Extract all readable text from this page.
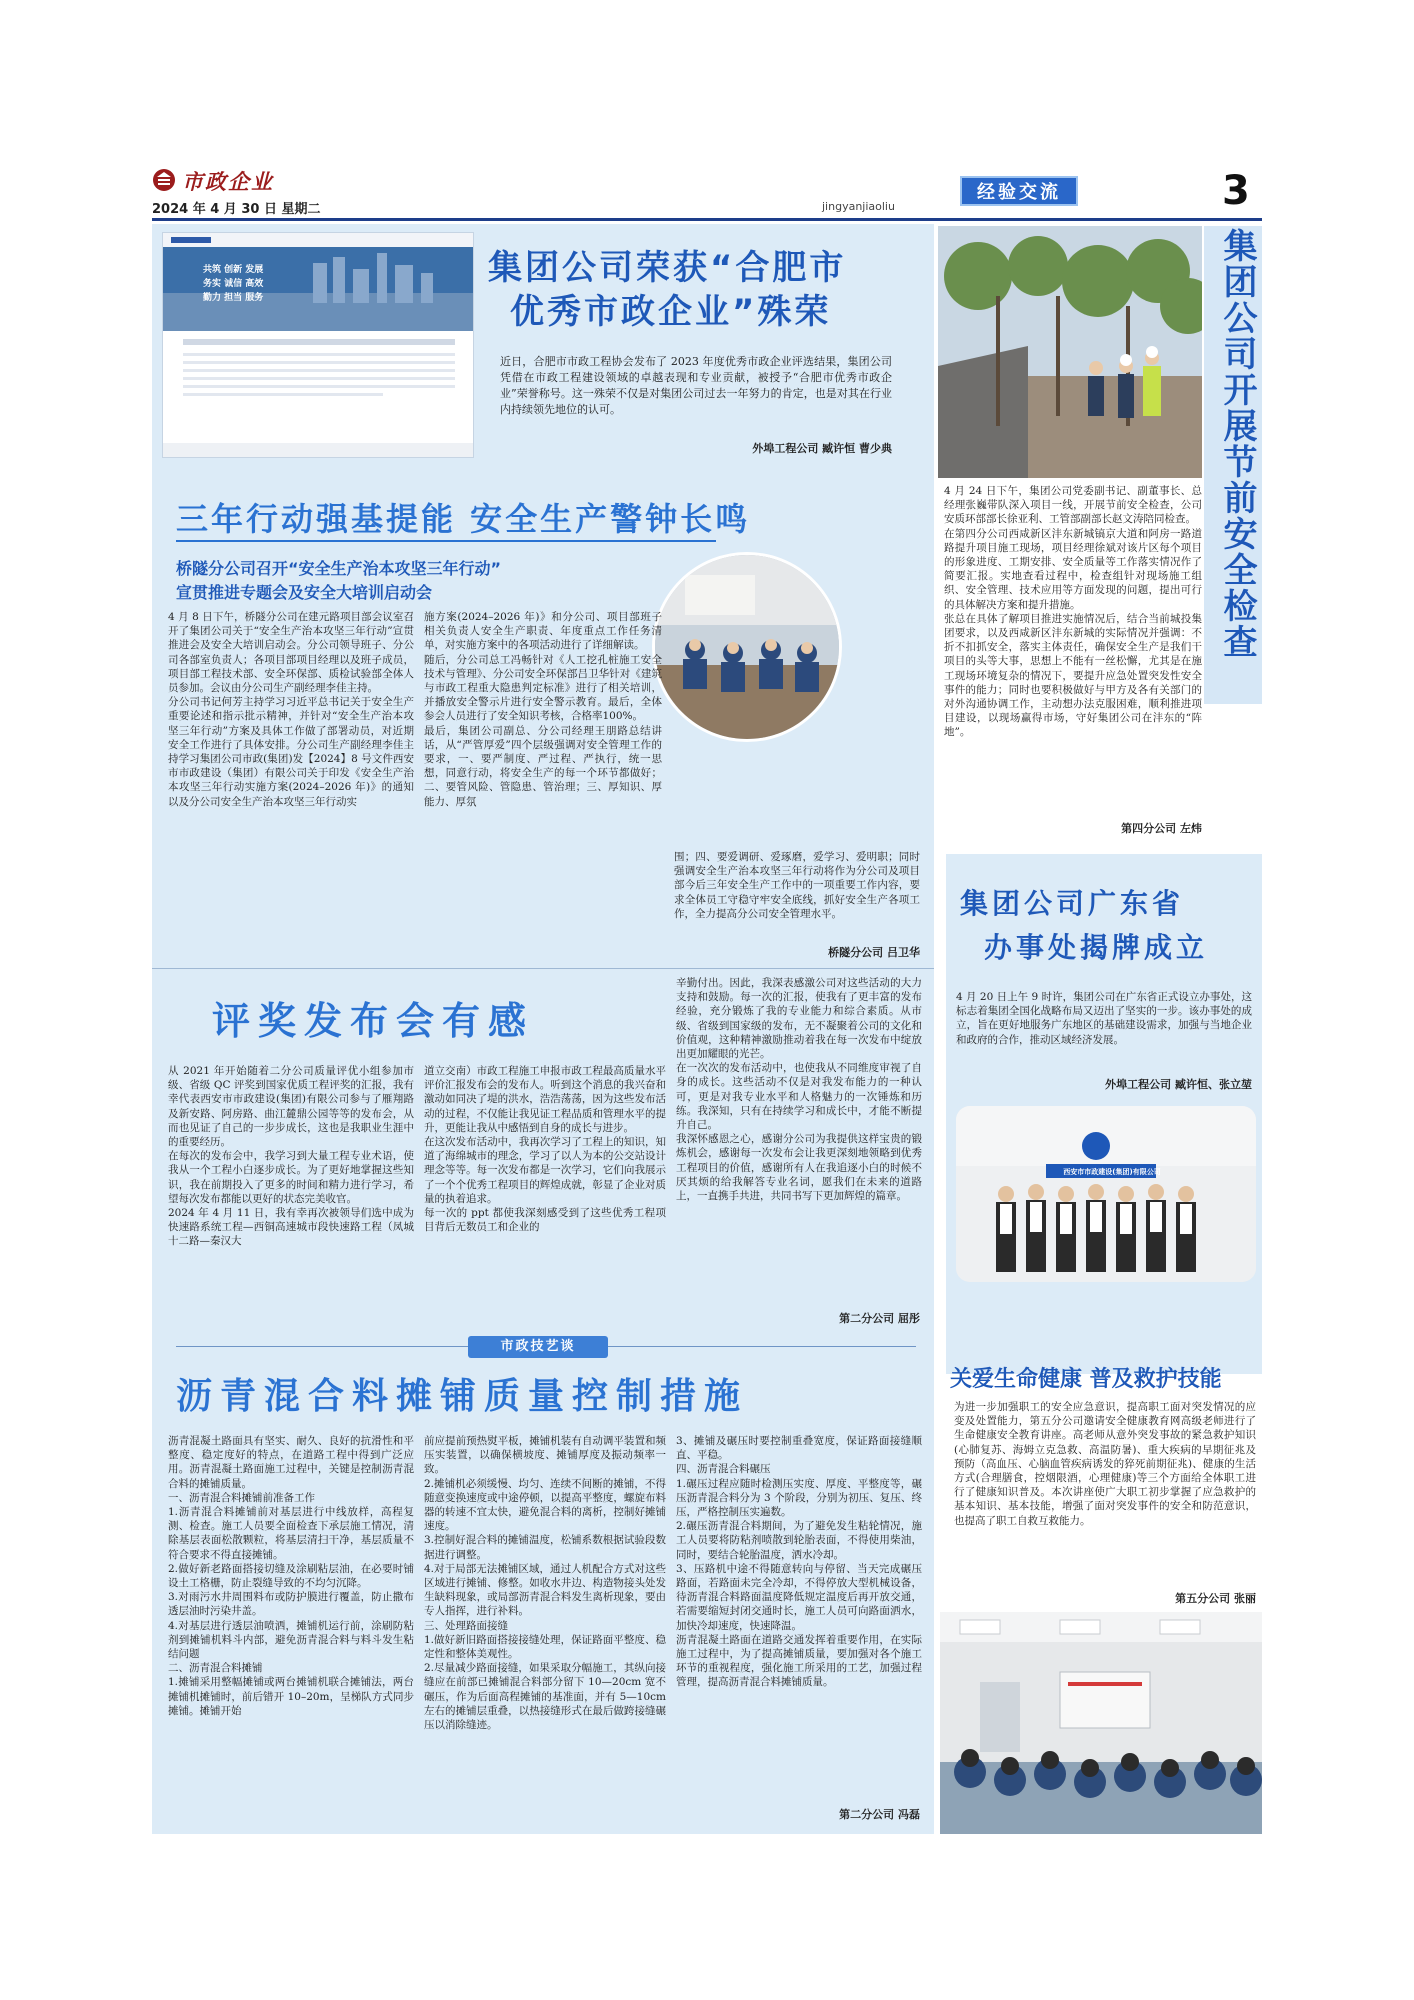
市政企业
2024 年 4 月 30 日 星期二	jingyanjiaoliu
经验交流	3
共筑 创新 发展
务实 诚信 高效
勤力 担当 服务
集团公司荣获“合肥市
优秀市政企业”殊荣
近日，合肥市市政工程协会发布了 2023 年度优秀市政企业评选结果，集团公司凭借在市政工程建设领域的卓越表现和专业贡献，被授予“合肥市优秀市政企业”荣誉称号。这一殊荣不仅是对集团公司过去一年努力的肯定，也是对其在行业内持续领先地位的认可。
外埠工程公司 臧许恒 曹少典
三年行动强基提能 安全生产警钟长鸣
桥隧分公司召开“安全生产治本攻坚三年行动”
宣贯推进专题会及安全大培训启动会
4 月 8 日下午，桥隧分公司在建元路项目部会议室召开了集团公司关于“安全生产治本攻坚三年行动”宣贯推进会及安全大培训启动会。分公司领导班子、分公司各部室负责人；各项目部项目经理以及班子成员，项目部工程技术部、安全环保部、质检试验部全体人员参加。会议由分公司生产副经理李佳主持。
分公司书记何芳主持学习习近平总书记关于安全生产重要论述和指示批示精神，并针对“安全生产治本攻坚三年行动”方案及具体工作做了部署动员，对近期安全工作进行了具体安排。分公司生产副经理李佳主持学习集团公司市政(集团)发【2024】8 号文件西安市市政建设（集团）有限公司关于印发《安全生产治本攻坚三年行动实施方案(2024–2026 年)》的通知以及分公司安全生产治本攻坚三年行动实
施方案(2024–2026 年)》和分公司、项目部班子相关负责人安全生产职责、年度重点工作任务清单，对实施方案中的各项活动进行了详细解读。
随后，分公司总工冯畅针对《人工挖孔桩施工安全技术与管理》、分公司安全环保部吕卫华针对《建筑与市政工程重大隐患判定标准》进行了相关培训，并播放安全警示片进行安全警示教育。最后，全体参会人员进行了安全知识考核，合格率100%。
最后，集团公司副总、分公司经理王朋路总结讲话，从“严管厚爱”四个层级强调对安全管理工作的要求，一、要严制度、严过程、严执行，统一思想，同意行动，将安全生产的每一个环节都做好；二、要管风险、管隐患、管治理；三、厚知识、厚能力、厚氛
围；四、要爱调研、爱琢磨，爱学习、爱明职；同时强调安全生产治本攻坚三年行动将作为分公司及项目部今后三年安全生产工作中的一项重要工作内容，要求全体员工守稳守牢安全底线，抓好安全生产各项工作，全力提高分公司安全管理水平。
桥隧分公司 吕卫华
评奖发布会有感
从 2021 年开始随着二分公司质量评优小组参加市级、省级 QC 评奖到国家优质工程评奖的汇报，我有幸代表西安市市政建设(集团)有限公司参与了雁翔路及新安路、阿房路、曲江麓鼎公园等等的发布会，从而也见证了自己的一步步成长，这也是我职业生涯中的重要经历。
在每次的发布会中，我学习到大量工程专业术语，使我从一个工程小白逐步成长。为了更好地掌握这些知识，我在前期投入了更多的时间和精力进行学习，希望每次发布都能以更好的状态完美收官。
2024 年 4 月 11 日，我有幸再次被领导们选中成为快速路系统工程—西铜高速城市段快速路工程（凤城十二路—秦汉大
道立交南）市政工程施工申报市政工程最高质量水平评价汇报发布会的发布人。听到这个消息的我兴奋和激动如同决了堤的洪水，浩浩荡荡，因为这些发布活动的过程，不仅能让我见证工程品质和管理水平的提升，更能让我从中感悟到自身的成长与进步。
在这次发布活动中，我再次学习了工程上的知识，知道了海绵城市的理念，学习了以人为本的公交站设计理念等等。每一次发布都是一次学习，它们向我展示了一个个优秀工程项目的辉煌成就，彰显了企业对质量的执着追求。
每一次的 ppt 都使我深刻感受到了这些优秀工程项目背后无数员工和企业的
辛勤付出。因此，我深表感激公司对这些活动的大力支持和鼓励。每一次的汇报，使我有了更丰富的发布经验，充分锻炼了我的专业能力和综合素质。从市级、省级到国家级的发布，无不凝聚着公司的文化和价值观，这种精神激励推动着我在每一次发布中绽放出更加耀眼的光芒。
在一次次的发布活动中，也使我从不同维度审视了自身的成长。这些活动不仅是对我发布能力的一种认可，更是对我专业水平和人格魅力的一次锤炼和历练。我深知，只有在持续学习和成长中，才能不断提升自己。
我深怀感恩之心，感谢分公司为我提供这样宝贵的锻炼机会，感谢每一次发布会让我更深刻地领略到优秀工程项目的价值，感谢所有人在我追逐小白的时候不厌其烦的给我解答专业名词，愿我们在未来的道路上，一直携手共进，共同书写下更加辉煌的篇章。
第二分公司 屈彤
市政技艺谈
沥青混合料摊铺质量控制措施
沥青混凝土路面具有坚实、耐久、良好的抗滑性和平整度、稳定度好的特点，在道路工程中得到广泛应用。沥青混凝土路面施工过程中，关键是控制沥青混合料的摊铺质量。
一、沥青混合料摊铺前准备工作
1.沥青混合料摊铺前对基层进行中线放样，高程复测、检查。施工人员要全面检查下承层施工情况，清除基层表面松散颗粒，将基层清扫干净，基层质量不符合要求不得直接摊铺。
2.做好新老路面搭接切缝及涂刷粘层油，在必要时铺设土工格栅，防止裂缝导致的不均匀沉降。
3.对雨污水井周围料布或防护膜进行覆盖，防止撒布透层油时污染井盖。
4.对基层进行透层油喷洒，摊铺机运行前，涂刷防粘剂到摊铺机料斗内部，避免沥青混合料与料斗发生粘结问题
二、沥青混合料摊铺
1.摊铺采用整幅摊铺或两台摊铺机联合摊铺法，两台摊铺机摊铺时，前后错开 10–20m，呈梯队方式同步摊铺。摊铺开始
前应提前预热熨平板，摊铺机装有自动调平装置和频压实装置，以确保横坡度、摊铺厚度及振动频率一致。
2.摊铺机必须缓慢、均匀、连续不间断的摊铺，不得随意变换速度或中途停顿，以提高平整度，螺旋布料器的转速不宜太快，避免混合料的离析，控制好摊铺速度。
3.控制好混合料的摊铺温度，松铺系数根据试验段数据进行调整。
4.对于局部无法摊铺区域，通过人机配合方式对这些区域进行摊铺、修整。如收水井边、构造物接头处发生缺料现象，或局部沥青混合料发生离析现象，要由专人指挥，进行补料。
三、处理路面接缝
1.做好新旧路面搭接接缝处理，保证路面平整度、稳定性和整体美观性。
2.尽量减少路面接缝，如果采取分幅施工，其纵向接缝应在前部已摊铺混合料部分留下 10—20cm 宽不碾压，作为后面高程摊铺的基准面，并有 5—10cm 左右的摊铺层重叠，以热接缝形式在最后做跨接缝碾压以消除缝迹。
3、摊铺及碾压时要控制重叠宽度，保证路面接缝顺直、平稳。
四、沥青混合料碾压
1.碾压过程应随时检测压实度、厚度、平整度等，碾压沥青混合料分为 3 个阶段，分别为初压、复压、终压，严格控制压实遍数。
2.碾压沥青混合料期间，为了避免发生粘轮情况，施工人员要将防粘剂喷散到轮胎表面，不得使用柴油，同时，要结合轮胎温度，洒水冷却。
3、压路机中途不得随意转向与停留、当天完成碾压路面，若路面未完全冷却，不得停放大型机械设备，待沥青混合料路面温度降低规定温度后再开放交通，若需要缩短封闭交通时长，施工人员可向路面洒水，加快冷却速度，快速降温。
沥青混凝土路面在道路交通发挥着重要作用，在实际施工过程中，为了提高摊铺质量，要加强对各个施工环节的重视程度，强化施工所采用的工艺，加强过程管理，提高沥青混合料摊铺质量。
第二分公司 冯磊
集团公司开展节前安全检查
4 月 24 日下午，集团公司党委副书记、副董事长、总经理张巍带队深入项目一线，开展节前安全检查，公司安质环部部长徐亚利、工管部副部长赵文涛陪同检查。
在第四分公司西咸新区沣东新城镐京大道和阿房一路道路提升项目施工现场，项目经理徐斌对该片区每个项目的形象进度、工期安排、安全质量等工作落实情况作了简要汇报。实地查看过程中，检查组针对现场施工组织、安全管理、技术应用等方面发现的问题，提出可行的具体解决方案和提升措施。
张总在具体了解项目推进实施情况后，结合当前城投集团要求，以及西咸新区沣东新城的实际情况并强调：不折不扣抓安全，落实主体责任，确保安全生产是我们干项目的头等大事，思想上不能有一丝松懈，尤其是在施工现场环境复杂的情况下，要提升应急处置突发性安全事件的能力；同时也要积极做好与甲方及各有关部门的对外沟通协调工作，主动想办法克服困难，顺利推进项目建设，以现场赢得市场，守好集团公司在沣东的“阵地”。
第四分公司 左炜
集团公司广东省
办事处揭牌成立
4 月 20 日上午 9 时许，集团公司在广东省正式设立办事处，这标志着集团全国化战略布局又迈出了坚实的一步。该办事处的成立，旨在更好地服务广东地区的基础建设需求，加强与当地企业和政府的合作，推动区域经济发展。
外埠工程公司 臧许恒、张立堃
西安市市政建设(集团)有限公司
关爱生命健康 普及救护技能
为进一步加强职工的安全应急意识，提高职工面对突发情况的应变及处置能力，第五分公司邀请安全健康教育网高级老师进行了生命健康安全教育讲座。高老师从意外突发事故的紧急救护知识(心肺复苏、海姆立克急救、高温防暑)、重大疾病的早期征兆及预防（高血压、心脑血管疾病诱发的猝死前期征兆)、健康的生活方式(合理膳食，控烟限酒，心理健康)等三个方面给全体职工进行了健康知识普及。本次讲座使广大职工初步掌握了应急救护的基本知识、基本技能，增强了面对突发事件的安全和防范意识，也提高了职工自救互救能力。
第五分公司 张丽
